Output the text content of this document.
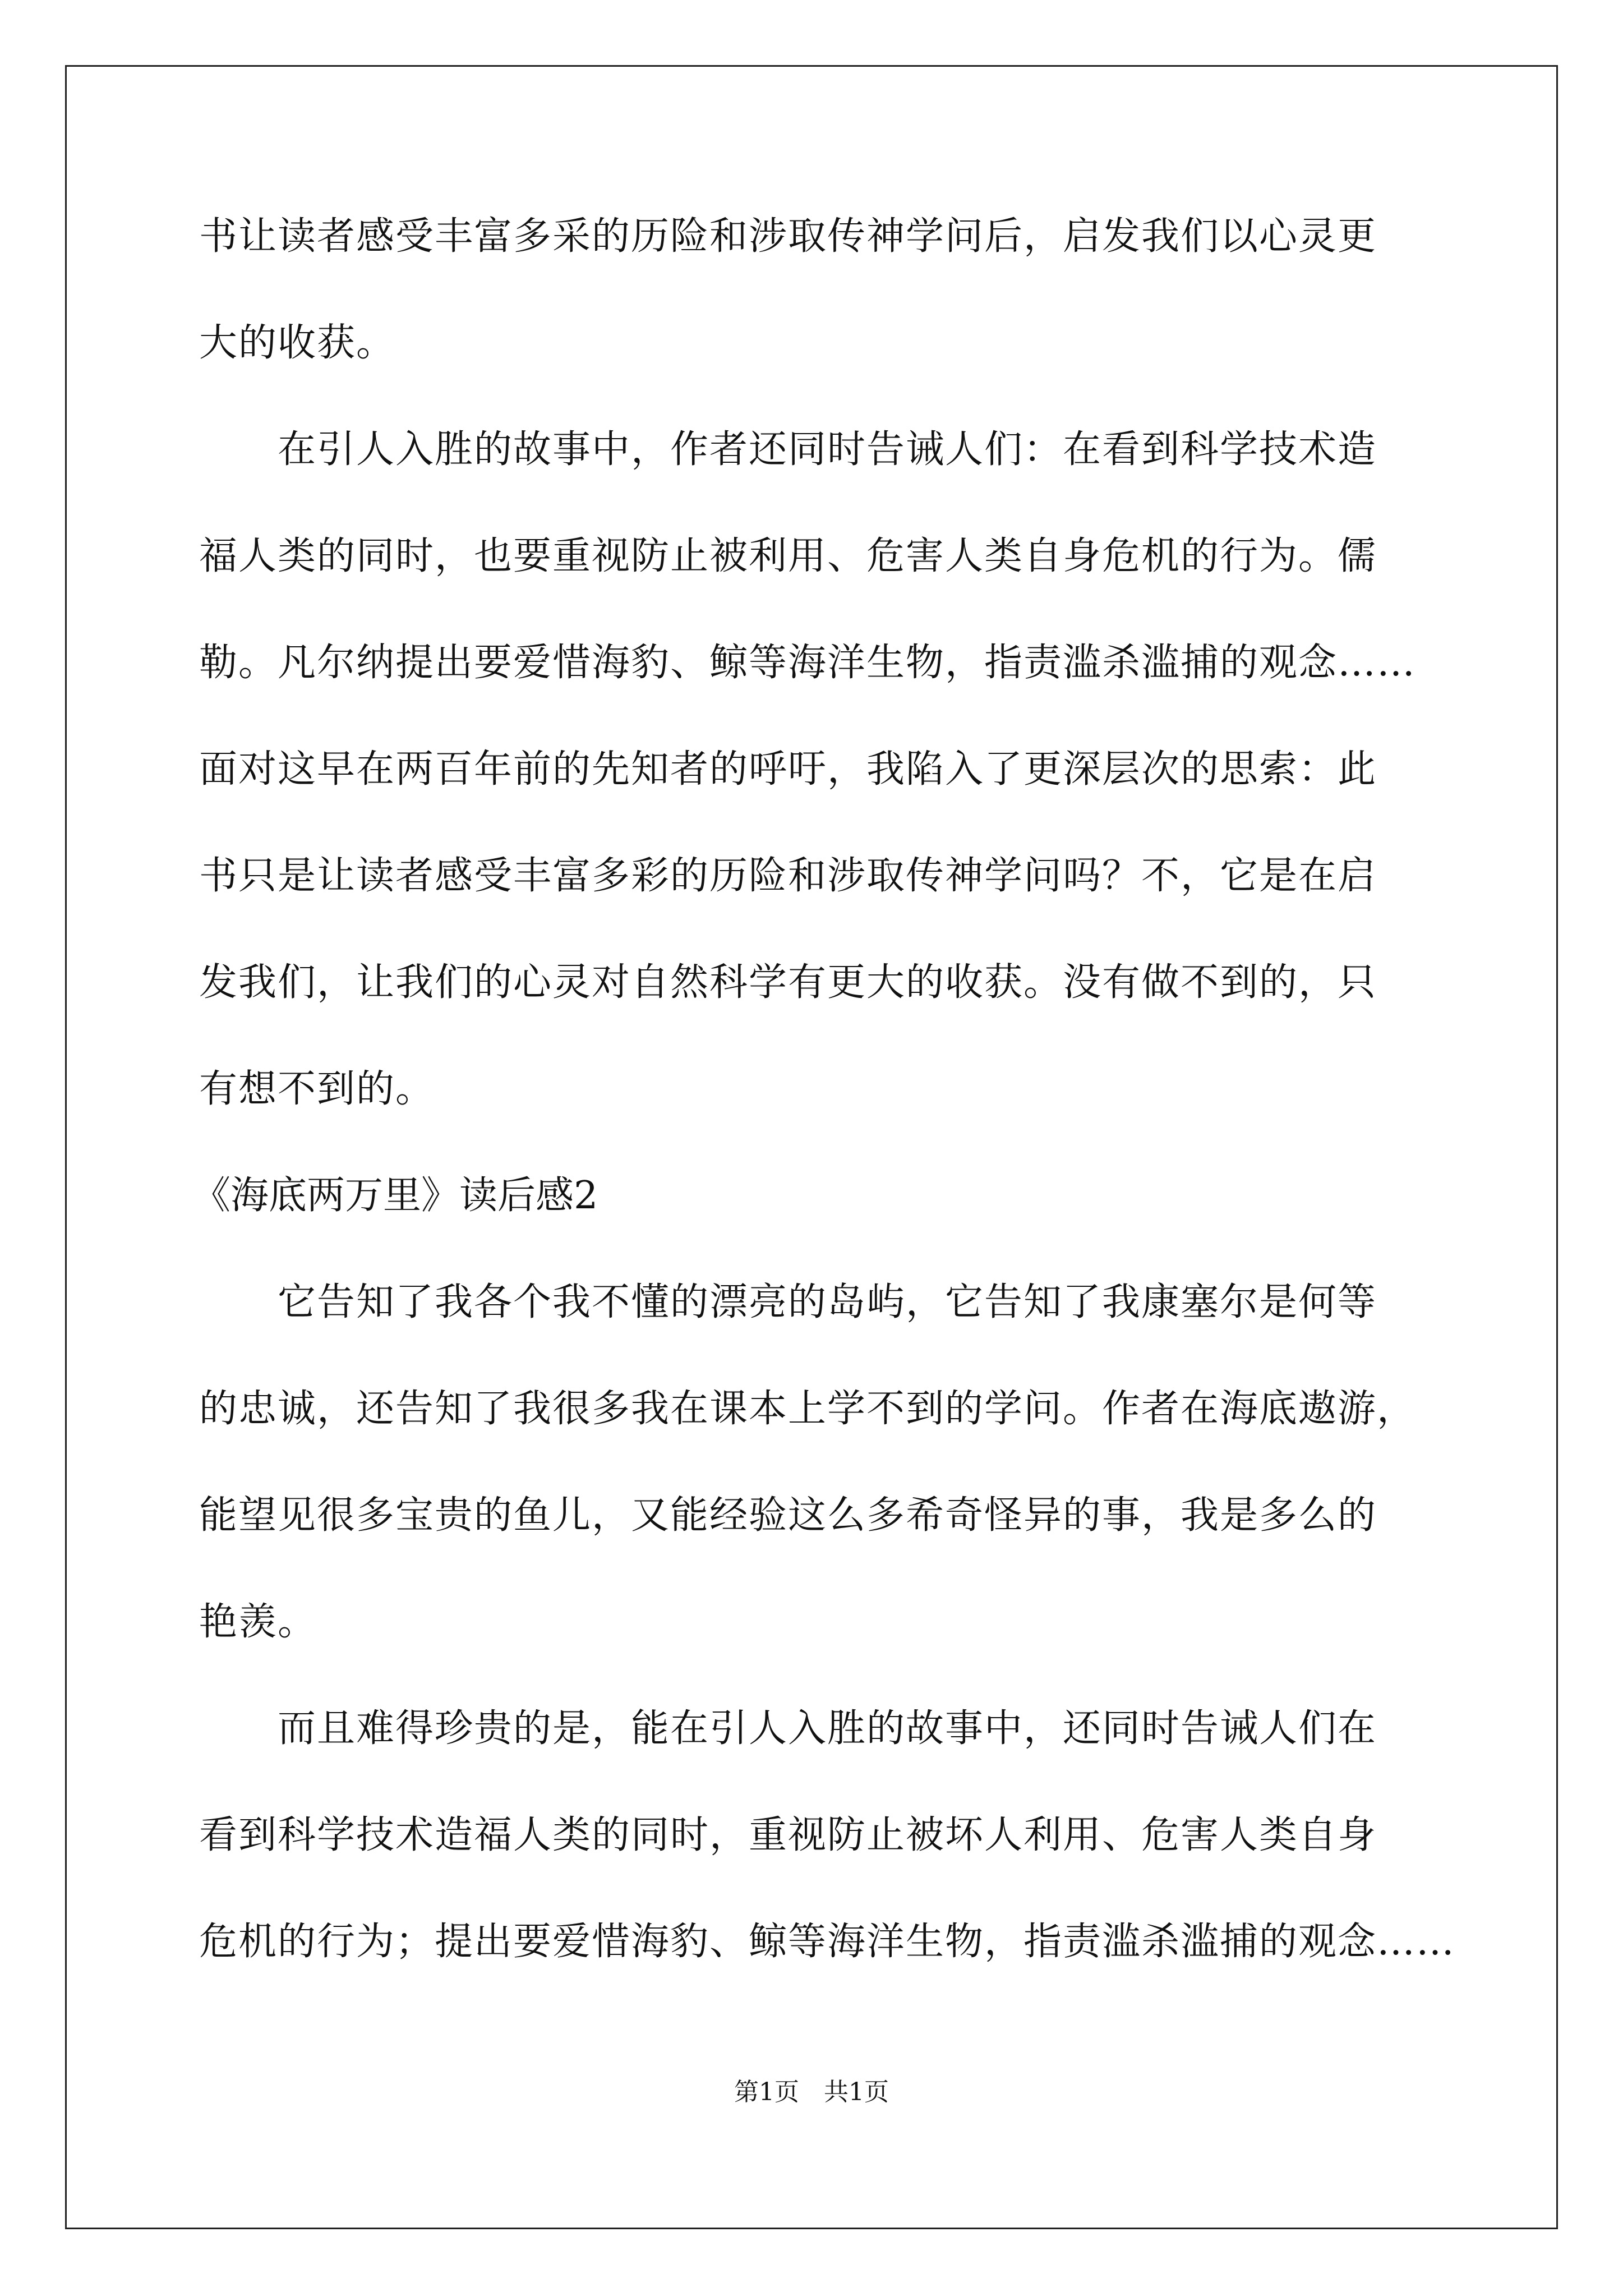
书让读者感受丰富多采的历险和涉取传神学问后，启发我们以心灵更
大的收获。
在引人入胜的故事中，作者还同时告诫人们：在看到科学技术造
福人类的同时，也要重视防止被利用、危害人类自身危机的行为。儒
勒。凡尔纳提出要爱惜海豹、鲸等海洋生物，指责滥杀滥捕的观念……
面对这早在两百年前的先知者的呼吁，我陷入了更深层次的思索：此
书只是让读者感受丰富多彩的历险和涉取传神学问吗？不，它是在启
发我们，让我们的心灵对自然科学有更大的收获。没有做不到的，只
有想不到的。
《海底两万里》读后感2
它告知了我各个我不懂的漂亮的岛屿，它告知了我康塞尔是何等
的忠诚，还告知了我很多我在课本上学不到的学问。作者在海底遨游，
能望见很多宝贵的鱼儿，又能经验这么多希奇怪异的事，我是多么的
艳羡。
而且难得珍贵的是，能在引人入胜的故事中，还同时告诫人们在
看到科学技术造福人类的同时，重视防止被坏人利用、危害人类自身
危机的行为；提出要爱惜海豹、鲸等海洋生物，指责滥杀滥捕的观念……
第1页　共1页
